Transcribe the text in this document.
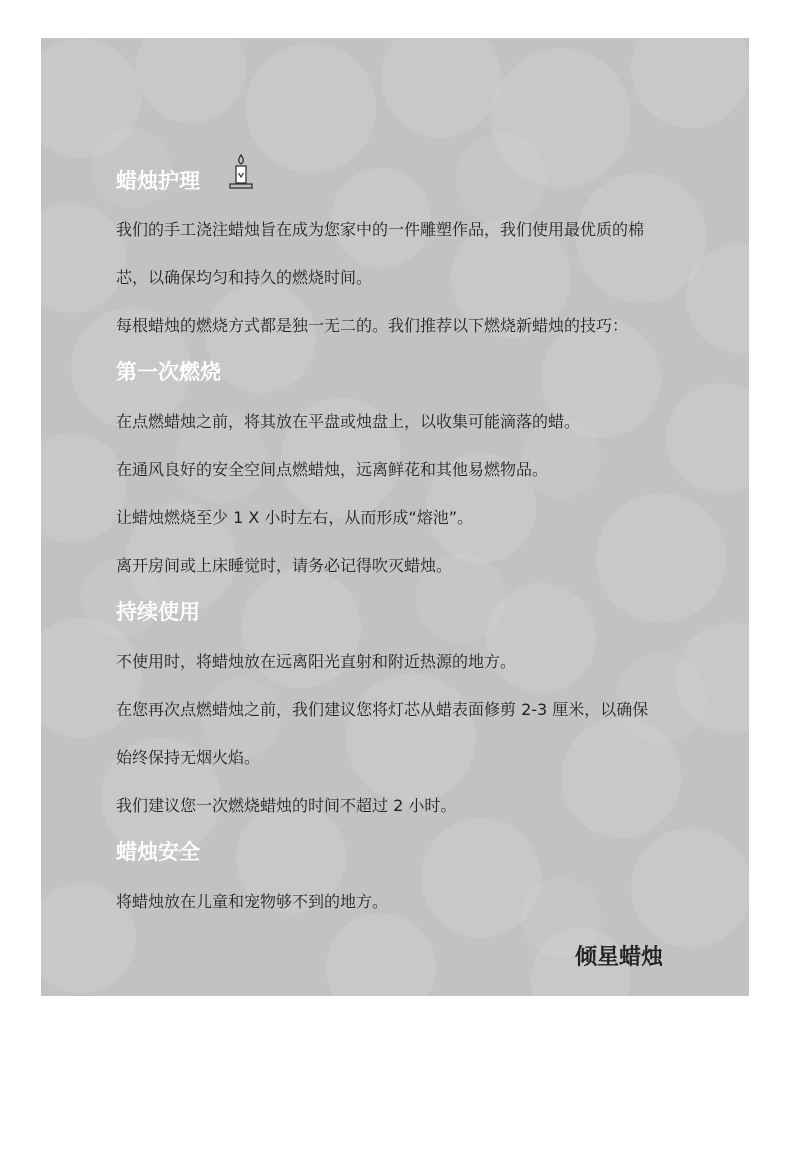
蜡烛护理

我们的手工浇注蜡烛旨在成为您家中的一件雕塑作品，我们使用最优质的棉

芯，以确保均匀和持久的燃烧时间。

每根蜡烛的燃烧方式都是独一无二的。我们推荐以下燃烧新蜡烛的技巧：

第一次燃烧

在点燃蜡烛之前，将其放在平盘或烛盘上，以收集可能滴落的蜡。

在通风良好的安全空间点燃蜡烛，远离鲜花和其他易燃物品。

让蜡烛燃烧至少 1 X 小时左右，从而形成“熔池”。

离开房间或上床睡觉时，请务必记得吹灭蜡烛。

持续使用

不使用时，将蜡烛放在远离阳光直射和附近热源的地方。

在您再次点燃蜡烛之前，我们建议您将灯芯从蜡表面修剪 2-3 厘米，以确保

始终保持无烟火焰。

我们建议您一次燃烧蜡烛的时间不超过 2 小时。

蜡烛安全

将蜡烛放在儿童和宠物够不到的地方。

倾星蜡烛
